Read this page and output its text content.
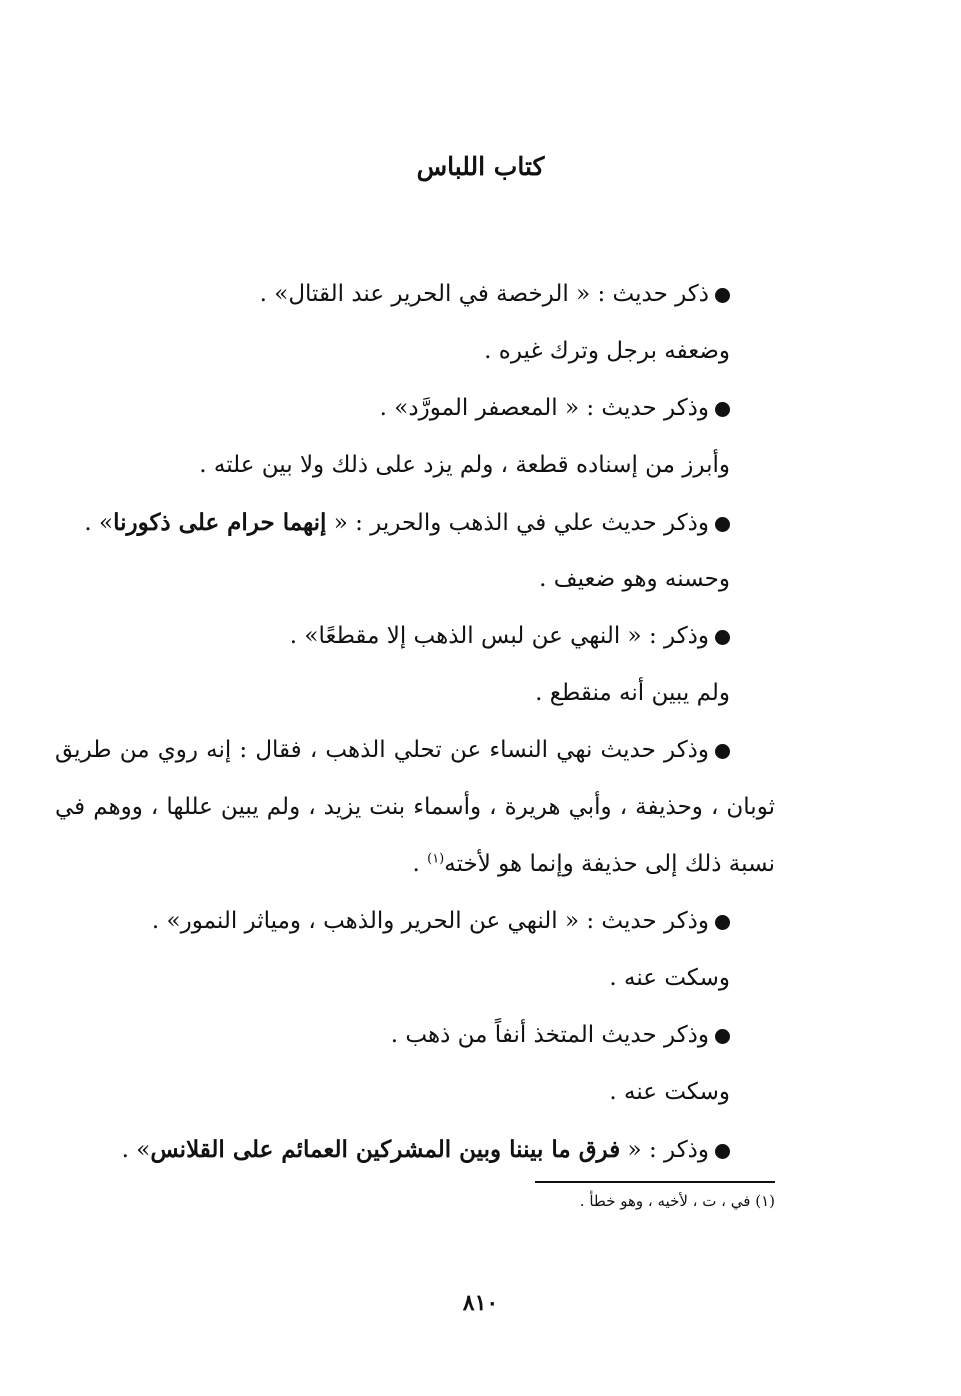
كتاب اللباس
ذكر حديث : « الرخصة في الحرير عند القتال» .
وضعفه برجل وترك غيره .
وذكر حديث : « المعصفر المورَّد» .
وأبرز من إسناده قطعة ، ولم يزد على ذلك ولا بين علته .
وذكر حديث علي في الذهب والحرير : « إنهما حرام على ذكورنا» .
وحسنه وهو ضعيف .
وذكر : « النهي عن لبس الذهب إلا مقطعًا» .
ولم يبين أنه منقطع .
وذكر حديث نهي النساء عن تحلي الذهب ، فقال : إنه روي من طريق
ثوبان ، وحذيفة ، وأبي هريرة ، وأسماء بنت يزيد ، ولم يبين عللها ، ووهم في
نسبة ذلك إلى حذيفة وإنما هو لأخته$^{(١)}$ .
وذكر حديث : « النهي عن الحرير والذهب ، ومياثر النمور» .
وسكت عنه .
وذكر حديث المتخذ أنفاً من ذهب .
وسكت عنه .
وذكر : « فرق ما بيننا وبين المشركين العمائم على القلانس» .
(١) في ، ت ، لأخيه ، وهو خطأ .
٨١٠
